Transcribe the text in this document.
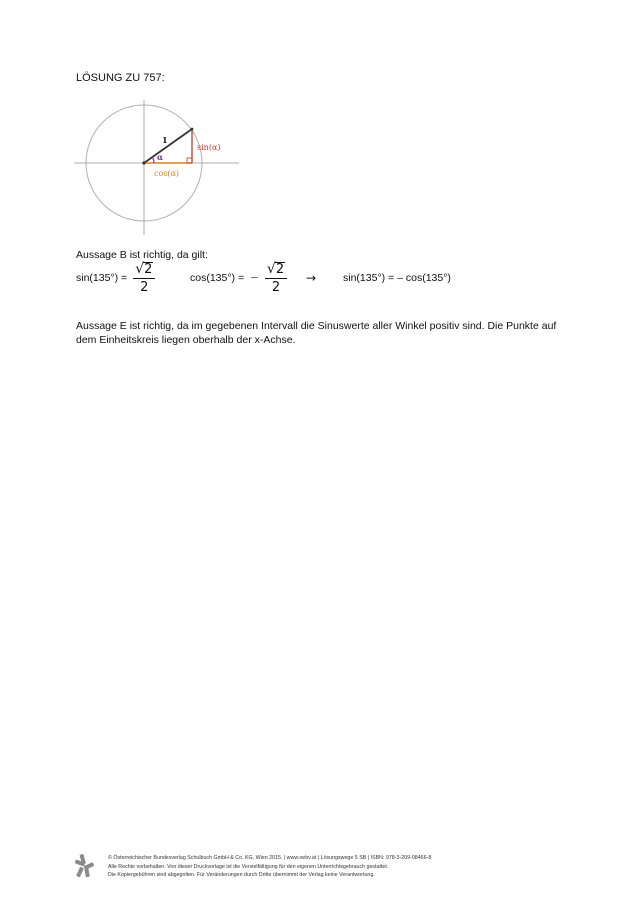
LÖSUNG ZU 757:
1
α
sin(α)
cos(α)
Aussage B ist richtig, da gilt:
$\sin(135^\circ) = \frac{√ 2}{2}$	cos(135°) = − $\frac{√ 2}{2}$ →	sin(135°) = – cos(135°)
Aussage E ist richtig, da im gegebenen Intervall die Sinuswerte aller Winkel positiv sind. Die Punkte auf dem Einheitskreis liegen oberhalb der x-Achse.
© Österreichischer Bundesverlag Schulbuch GmbH & Co. KG, Wien 2015. | www.oebv.at | Lösungswege 5 SB | ISBN: 978-3-209-08466-8
Alle Rechte vorbehalten. Von dieser Druckvorlage ist die Vervielfältigung für den eigenen Unterrichtsgebrauch gestattet.
Die Kopiergebühren sind abgegolten. Für Veränderungen durch Dritte übernimmt der Verlag keine Verantwortung.
